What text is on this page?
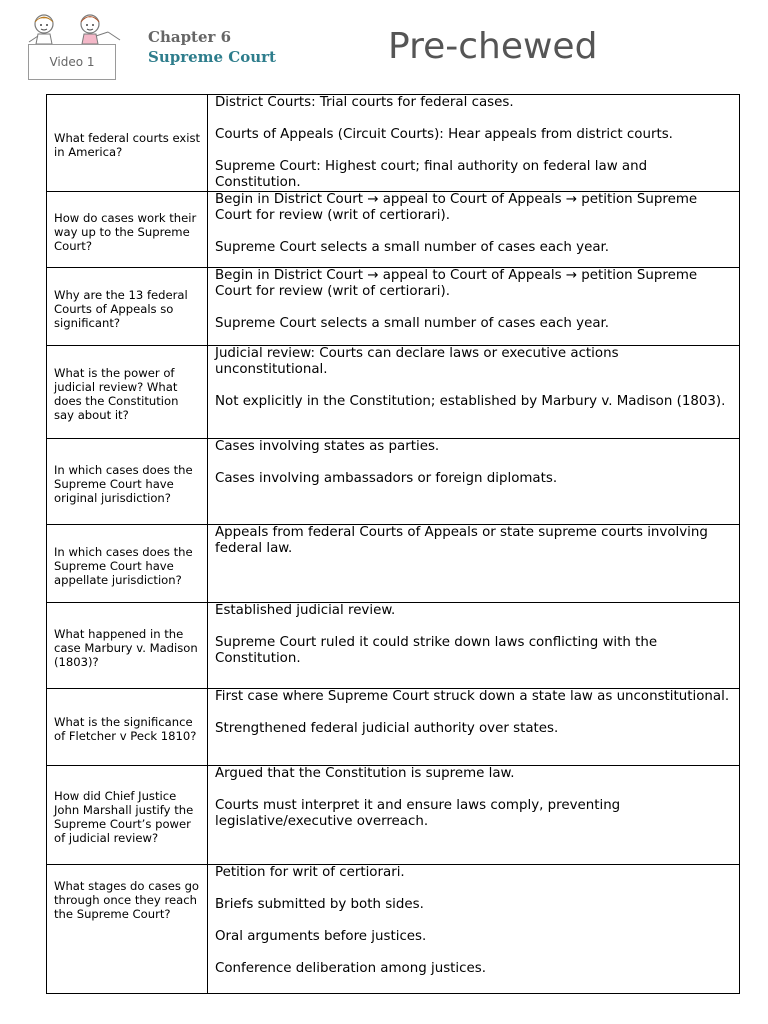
Video 1
Chapter 6
Supreme Court	Pre-chewed
What federal courts exist in America?	District Courts: Trial courts for federal cases.

Courts of Appeals (Circuit Courts): Hear appeals from district courts.

Supreme Court: Highest court; final authority on federal law and Constitution.

How do cases work their way up to the Supreme Court?	Begin in District Court → appeal to Court of Appeals → petition Supreme Court for review (writ of certiorari).

Supreme Court selects a small number of cases each year.

Why are the 13 federal Courts of Appeals so significant?	Begin in District Court → appeal to Court of Appeals → petition Supreme Court for review (writ of certiorari).

Supreme Court selects a small number of cases each year.

What is the power of judicial review? What does the Constitution say about it?	Judicial review: Courts can declare laws or executive actions unconstitutional.

Not explicitly in the Constitution; established by Marbury v. Madison (1803).

In which cases does the Supreme Court have original jurisdiction?	Cases involving states as parties.

Cases involving ambassadors or foreign diplomats.

In which cases does the Supreme Court have appellate jurisdiction?	Appeals from federal Courts of Appeals or state supreme courts involving federal law.

What happened in the case Marbury v. Madison (1803)?	Established judicial review.

Supreme Court ruled it could strike down laws conflicting with the Constitution.

What is the significance of Fletcher v Peck 1810?	First case where Supreme Court struck down a state law as unconstitutional.

Strengthened federal judicial authority over states.

How did Chief Justice John Marshall justify the Supreme Court’s power of judicial review?	Argued that the Constitution is supreme law.

Courts must interpret it and ensure laws comply, preventing legislative/executive overreach.

What stages do cases go through once they reach the Supreme Court?	Petition for writ of certiorari.

Briefs submitted by both sides.

Oral arguments before justices.

Conference deliberation among justices.
